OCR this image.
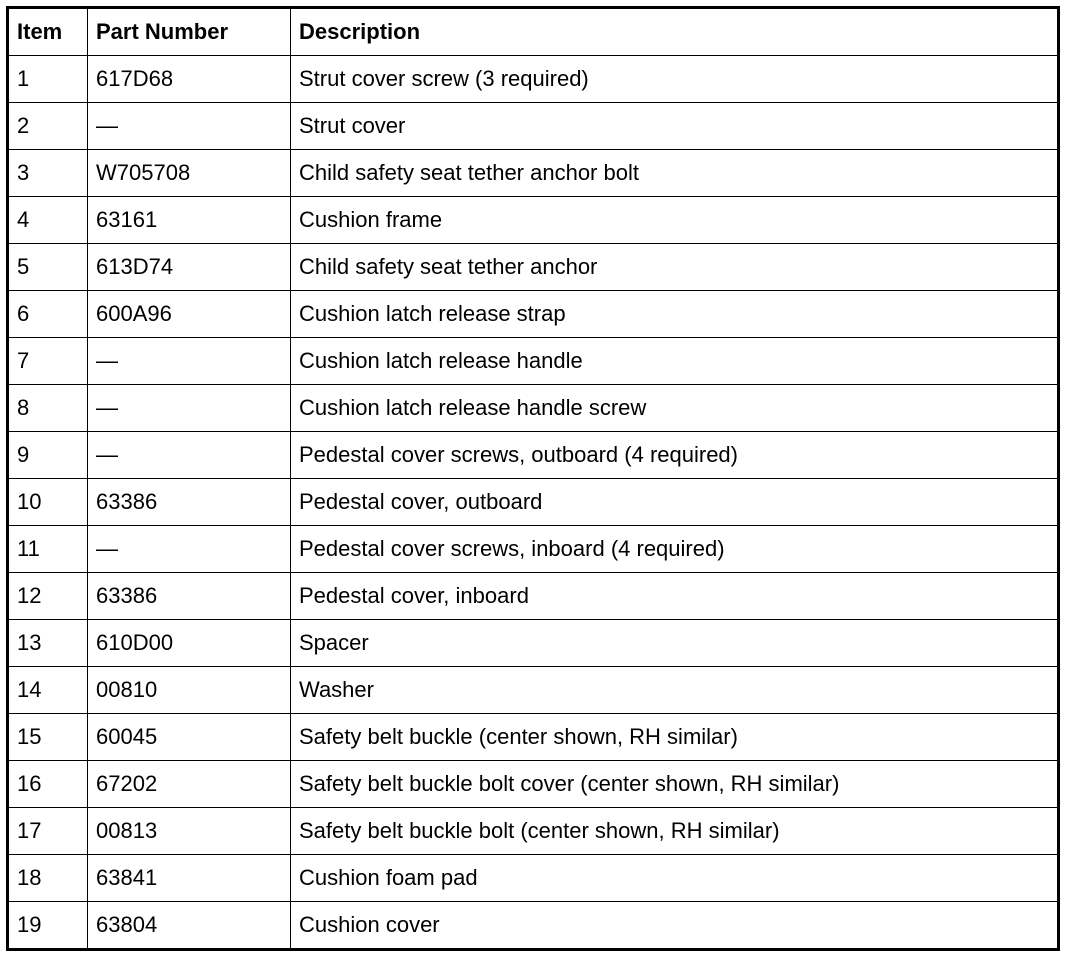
Item	Part Number	Description
1	617D68	Strut cover screw (3 required)
2	—	Strut cover
3	W705708	Child safety seat tether anchor bolt
4	63161	Cushion frame
5	613D74	Child safety seat tether anchor
6	600A96	Cushion latch release strap
7	—	Cushion latch release handle
8	—	Cushion latch release handle screw
9	—	Pedestal cover screws, outboard (4 required)
10	63386	Pedestal cover, outboard
11	—	Pedestal cover screws, inboard (4 required)
12	63386	Pedestal cover, inboard
13	610D00	Spacer
14	00810	Washer
15	60045	Safety belt buckle (center shown, RH similar)
16	67202	Safety belt buckle bolt cover (center shown, RH similar)
17	00813	Safety belt buckle bolt (center shown, RH similar)
18	63841	Cushion foam pad
19	63804	Cushion cover
